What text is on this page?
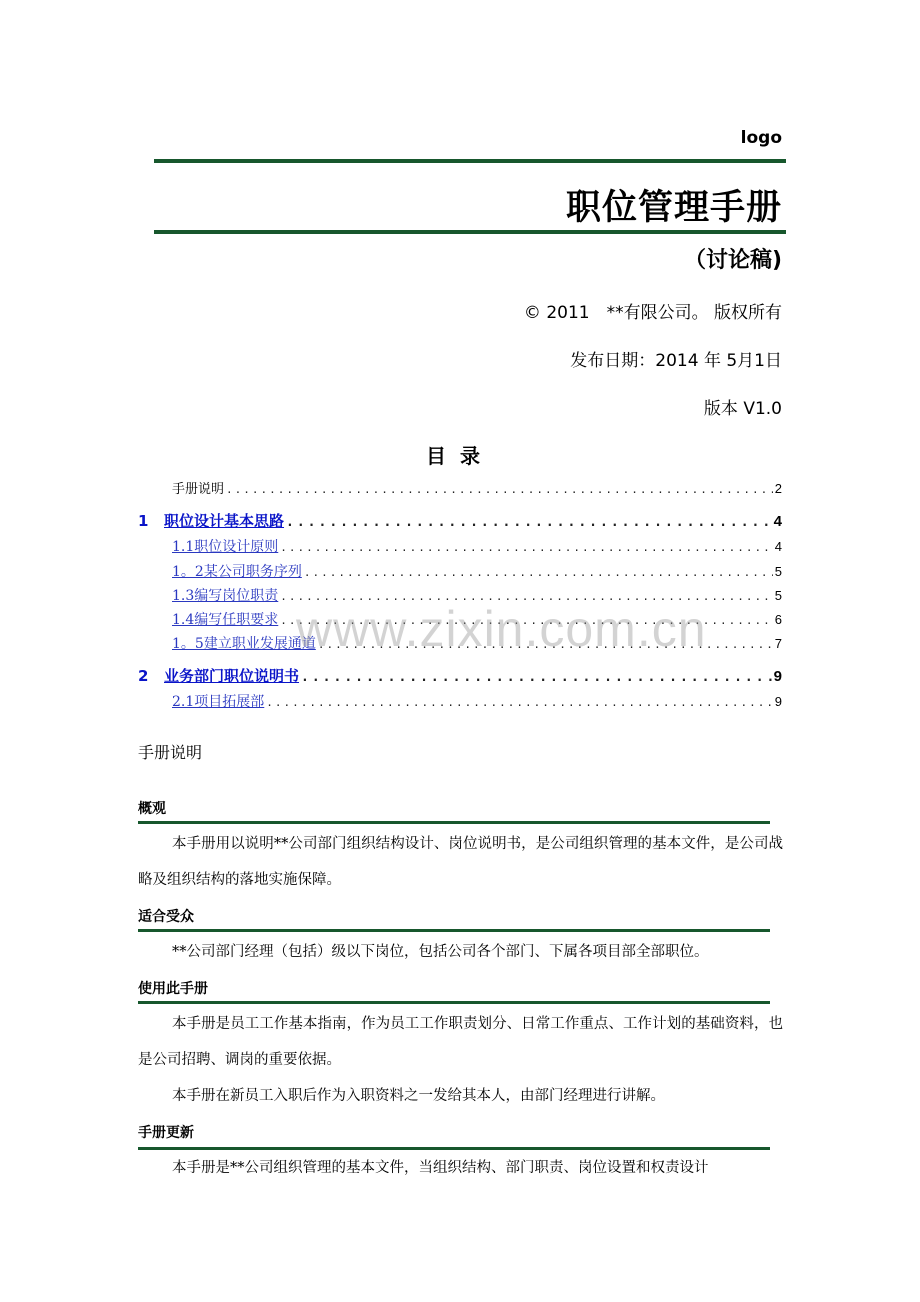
logo
职位管理手册
（讨论稿)
© 2011　**有限公司。 版权所有
发布日期：2014 年 5月1日
版本 V1.0
目录
手册说明 .....	2
1 职位设计基本思路 .....	4
1.1职位设计原则 .....	4
1。2某公司职务序列 .....	5
1.3编写岗位职责 .....	5
1.4编写任职要求 .....	6
1。5建立职业发展通道 .....	7
2 业务部门职位说明书 .....	9
2.1项目拓展部 .....	9
www.zixin.com.cn
手册说明
概观
本手册用以说明**公司部门组织结构设计、岗位说明书，是公司组织管理的基本文件，是公司战略及组织结构的落地实施保障。
适合受众
**公司部门经理（包括）级以下岗位，包括公司各个部门、下属各项目部全部职位。
使用此手册
本手册是员工工作基本指南，作为员工工作职责划分、日常工作重点、工作计划的基础资料，也是公司招聘、调岗的重要依据。
本手册在新员工入职后作为入职资料之一发给其本人，由部门经理进行讲解。
手册更新
本手册是**公司组织管理的基本文件，当组织结构、部门职责、岗位设置和权责设计
